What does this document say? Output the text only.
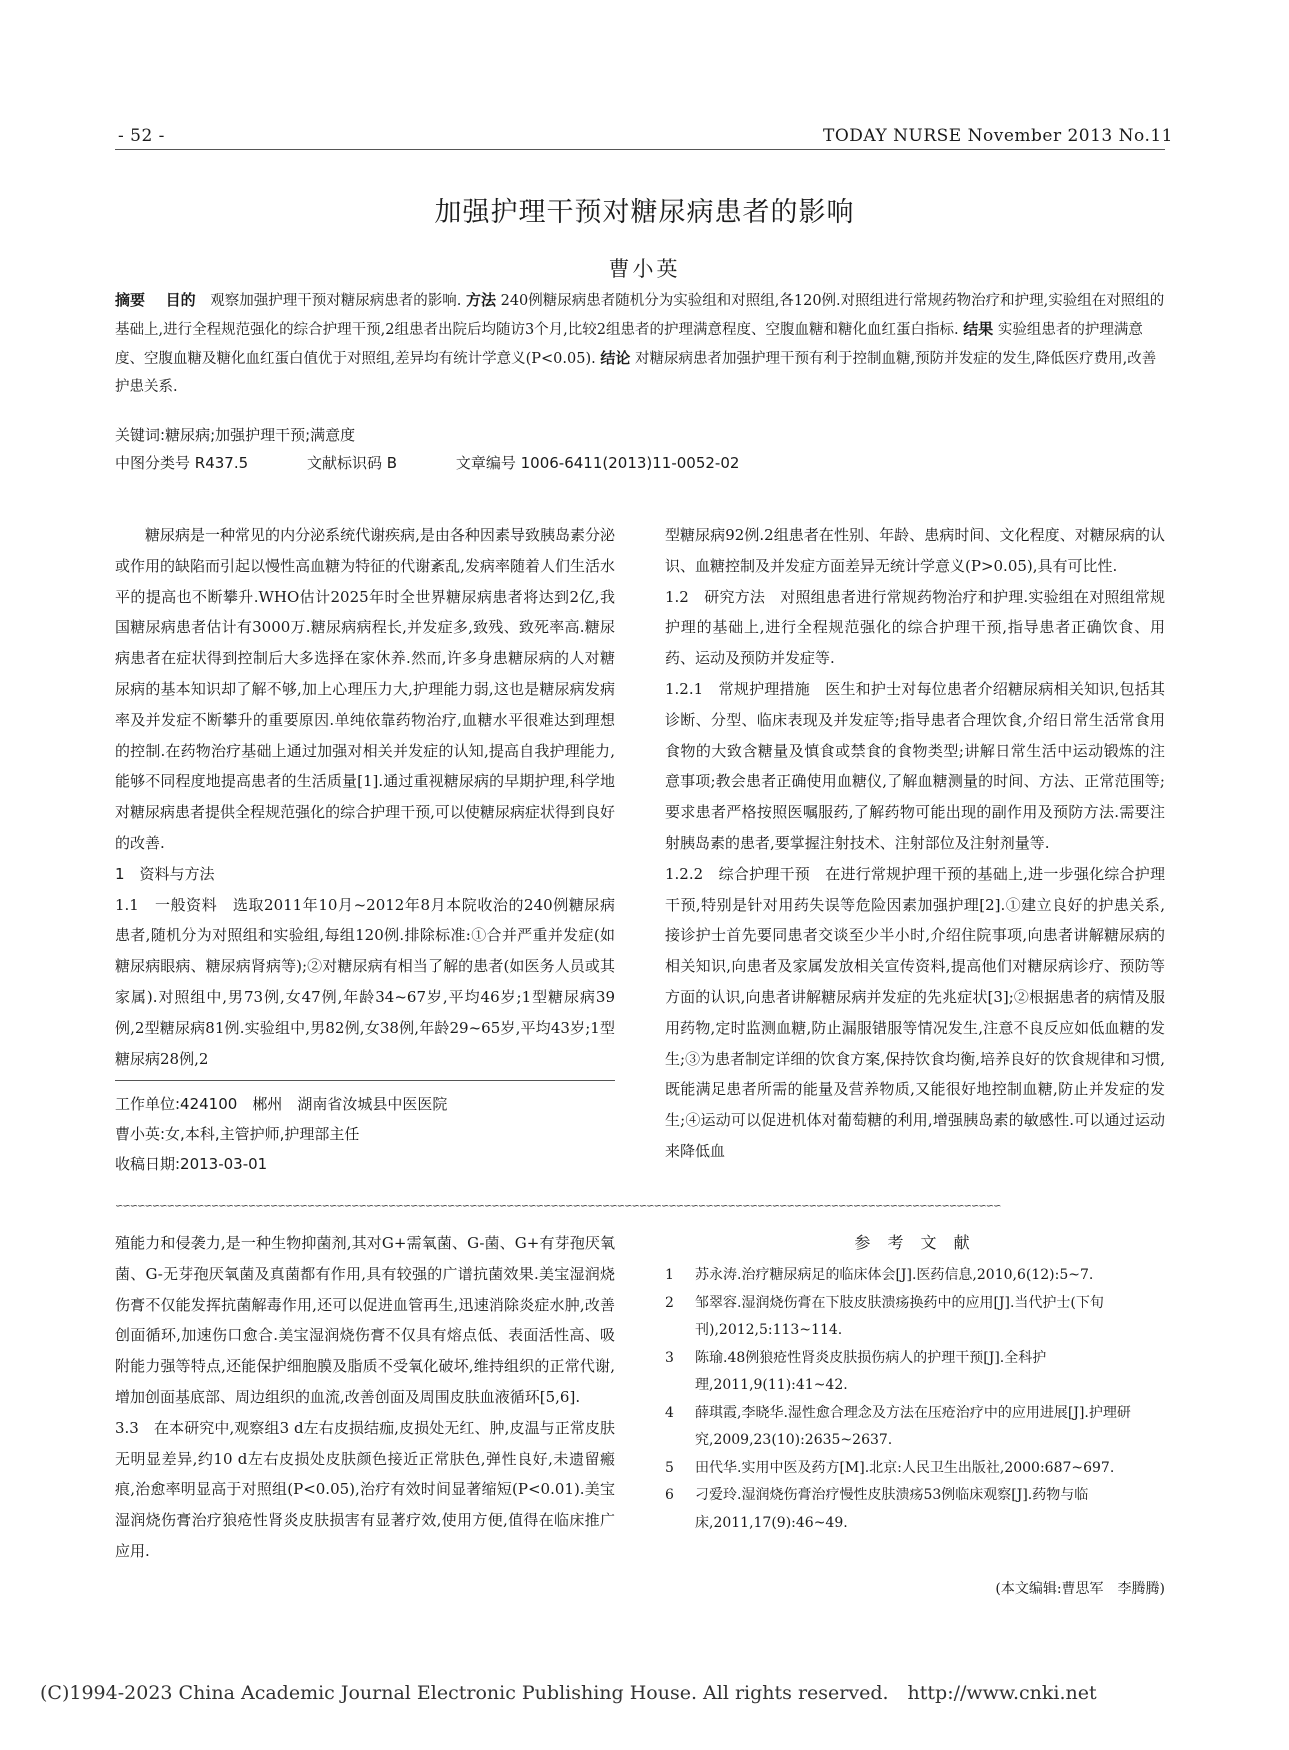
- 52 -	TODAY NURSE November 2013 No.11
加强护理干预对糖尿病患者的影响
曹小英
摘要 目的 观察加强护理干预对糖尿病患者的影响. 方法 240例糖尿病患者随机分为实验组和对照组,各120例.对照组进行常规药物治疗和护理,实验组在对照组的基础上,进行全程规范强化的综合护理干预,2组患者出院后均随访3个月,比较2组患者的护理满意程度、空腹血糖和糖化血红蛋白指标. 结果 实验组患者的护理满意度、空腹血糖及糖化血红蛋白值优于对照组,差异均有统计学意义(P<0.05). 结论 对糖尿病患者加强护理干预有利于控制血糖,预防并发症的发生,降低医疗费用,改善护患关系.
关键词:糖尿病;加强护理干预;满意度
中图分类号 R437.5	文献标识码 B	文章编号 1006-6411(2013)11-0052-02

糖尿病是一种常见的内分泌系统代谢疾病,是由各种因素导致胰岛素分泌或作用的缺陷而引起以慢性高血糖为特征的代谢紊乱,发病率随着人们生活水平的提高也不断攀升.WHO估计2025年时全世界糖尿病患者将达到2亿,我国糖尿病患者估计有3000万.糖尿病病程长,并发症多,致残、致死率高.糖尿病患者在症状得到控制后大多选择在家休养.然而,许多身患糖尿病的人对糖尿病的基本知识却了解不够,加上心理压力大,护理能力弱,这也是糖尿病发病率及并发症不断攀升的重要原因.单纯依靠药物治疗,血糖水平很难达到理想的控制.在药物治疗基础上通过加强对相关并发症的认知,提高自我护理能力,能够不同程度地提高患者的生活质量[1].通过重视糖尿病的早期护理,科学地对糖尿病患者提供全程规范强化的综合护理干预,可以使糖尿病症状得到良好的改善.

1　资料与方法

1.1　一般资料　选取2011年10月~2012年8月本院收治的240例糖尿病患者,随机分为对照组和实验组,每组120例.排除标准:①合并严重并发症(如糖尿病眼病、糖尿病肾病等);②对糖尿病有相当了解的患者(如医务人员或其家属).对照组中,男73例,女47例,年龄34~67岁,平均46岁;1型糖尿病39例,2型糖尿病81例.实验组中,男82例,女38例,年龄29~65岁,平均43岁;1型糖尿病28例,2

工作单位:424100　郴州　湖南省汝城县中医医院

曹小英:女,本科,主管护师,护理部主任

收稿日期:2013-03-01

型糖尿病92例.2组患者在性别、年龄、患病时间、文化程度、对糖尿病的认识、血糖控制及并发症方面差异无统计学意义(P>0.05),具有可比性.

1.2　研究方法　对照组患者进行常规药物治疗和护理.实验组在对照组常规护理的基础上,进行全程规范强化的综合护理干预,指导患者正确饮食、用药、运动及预防并发症等.

1.2.1　常规护理措施　医生和护士对每位患者介绍糖尿病相关知识,包括其诊断、分型、临床表现及并发症等;指导患者合理饮食,介绍日常生活常食用食物的大致含糖量及慎食或禁食的食物类型;讲解日常生活中运动锻炼的注意事项;教会患者正确使用血糖仪,了解血糖测量的时间、方法、正常范围等;要求患者严格按照医嘱服药,了解药物可能出现的副作用及预防方法.需要注射胰岛素的患者,要掌握注射技术、注射部位及注射剂量等.

1.2.2　综合护理干预　在进行常规护理干预的基础上,进一步强化综合护理干预,特别是针对用药失误等危险因素加强护理[2].①建立良好的护患关系,接诊护士首先要同患者交谈至少半小时,介绍住院事项,向患者讲解糖尿病的相关知识,向患者及家属发放相关宣传资料,提高他们对糖尿病诊疗、预防等方面的认识,向患者讲解糖尿病并发症的先兆症状[3];②根据患者的病情及服用药物,定时监测血糖,防止漏服错服等情况发生,注意不良反应如低血糖的发生;③为患者制定详细的饮食方案,保持饮食均衡,培养良好的饮食规律和习惯,既能满足患者所需的能量及营养物质,又能很好地控制血糖,防止并发症的发生;④运动可以促进机体对葡萄糖的利用,增强胰岛素的敏感性.可以通过运动来降低血

∽∽∽∽∽∽∽∽∽∽∽∽∽∽∽∽∽∽∽∽∽∽∽∽∽∽∽∽∽∽∽∽∽∽∽∽∽∽∽∽∽∽∽∽∽∽∽∽∽∽∽∽∽∽∽∽∽∽∽∽∽∽∽∽∽∽∽∽∽∽∽∽∽∽∽∽∽∽∽∽∽∽∽∽∽∽∽∽∽∽∽∽∽∽∽∽∽∽∽∽∽∽∽∽∽∽∽∽∽∽∽∽∽∽∽∽∽∽∽∽

殖能力和侵袭力,是一种生物抑菌剂,其对G+需氧菌、G-菌、G+有芽孢厌氧菌、G-无芽孢厌氧菌及真菌都有作用,具有较强的广谱抗菌效果.美宝湿润烧伤膏不仅能发挥抗菌解毒作用,还可以促进血管再生,迅速消除炎症水肿,改善创面循环,加速伤口愈合.美宝湿润烧伤膏不仅具有熔点低、表面活性高、吸附能力强等特点,还能保护细胞膜及脂质不受氧化破坏,维持组织的正常代谢,增加创面基底部、周边组织的血流,改善创面及周围皮肤血液循环[5,6].

3.3　在本研究中,观察组3 d左右皮损结痂,皮损处无红、肿,皮温与正常皮肤无明显差异,约10 d左右皮损处皮肤颜色接近正常肤色,弹性良好,未遗留瘢痕,治愈率明显高于对照组(P<0.05),治疗有效时间显著缩短(P<0.01).美宝湿润烧伤膏治疗狼疮性肾炎皮肤损害有显著疗效,使用方便,值得在临床推广应用.

参 考 文 献
1	苏永涛.治疗糖尿病足的临床体会[J].医药信息,2010,6(12):5~7.
2	邹翠容.湿润烧伤膏在下肢皮肤溃疡换药中的应用[J].当代护士(下旬刊),2012,5:113~114.
3	陈瑜.48例狼疮性肾炎皮肤损伤病人的护理干预[J].全科护理,2011,9(11):41~42.
4	薛琪霞,李晓华.湿性愈合理念及方法在压疮治疗中的应用进展[J].护理研究,2009,23(10):2635~2637.
5	田代华.实用中医及药方[M].北京:人民卫生出版社,2000:687~697.
6	刁爱玲.湿润烧伤膏治疗慢性皮肤溃疡53例临床观察[J].药物与临床,2011,17(9):46~49.
(本文编辑:曹思军　李腾腾)
(C)1994-2023 China Academic Journal Electronic Publishing House. All rights reserved.　http://www.cnki.net
